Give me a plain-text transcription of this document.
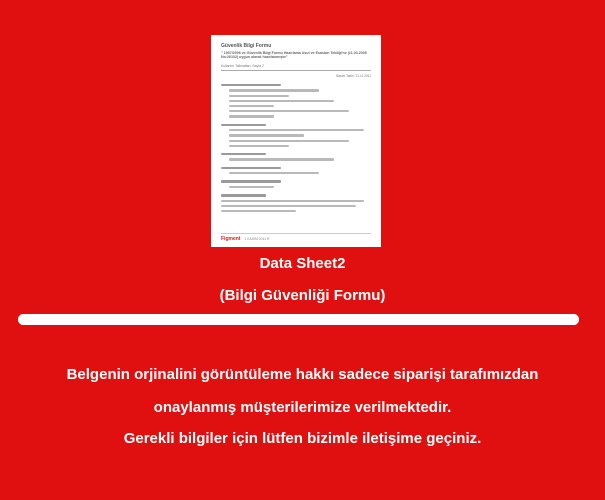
Güvenlik Bilgi Formu
" 1907/2006 ve Güvenlik Bilgi Formu Hazırlama Usul ve Esasları Tebliği'ne (11.03.2005 No:26102) uygun olarak hazırlanmıştır"
Kullanım Talimatları, Sayfa 2
Basım Tarihi: 21.11.2011
Figment 1 KASIM 2011 R
Data Sheet2
(Bilgi Güvenliği Formu)
Belgenin orjinalini görüntüleme hakkı sadece siparişi tarafımızdan
onaylanmış müşterilerimize verilmektedir.
Gerekli bilgiler için lütfen bizimle iletişime geçiniz.
